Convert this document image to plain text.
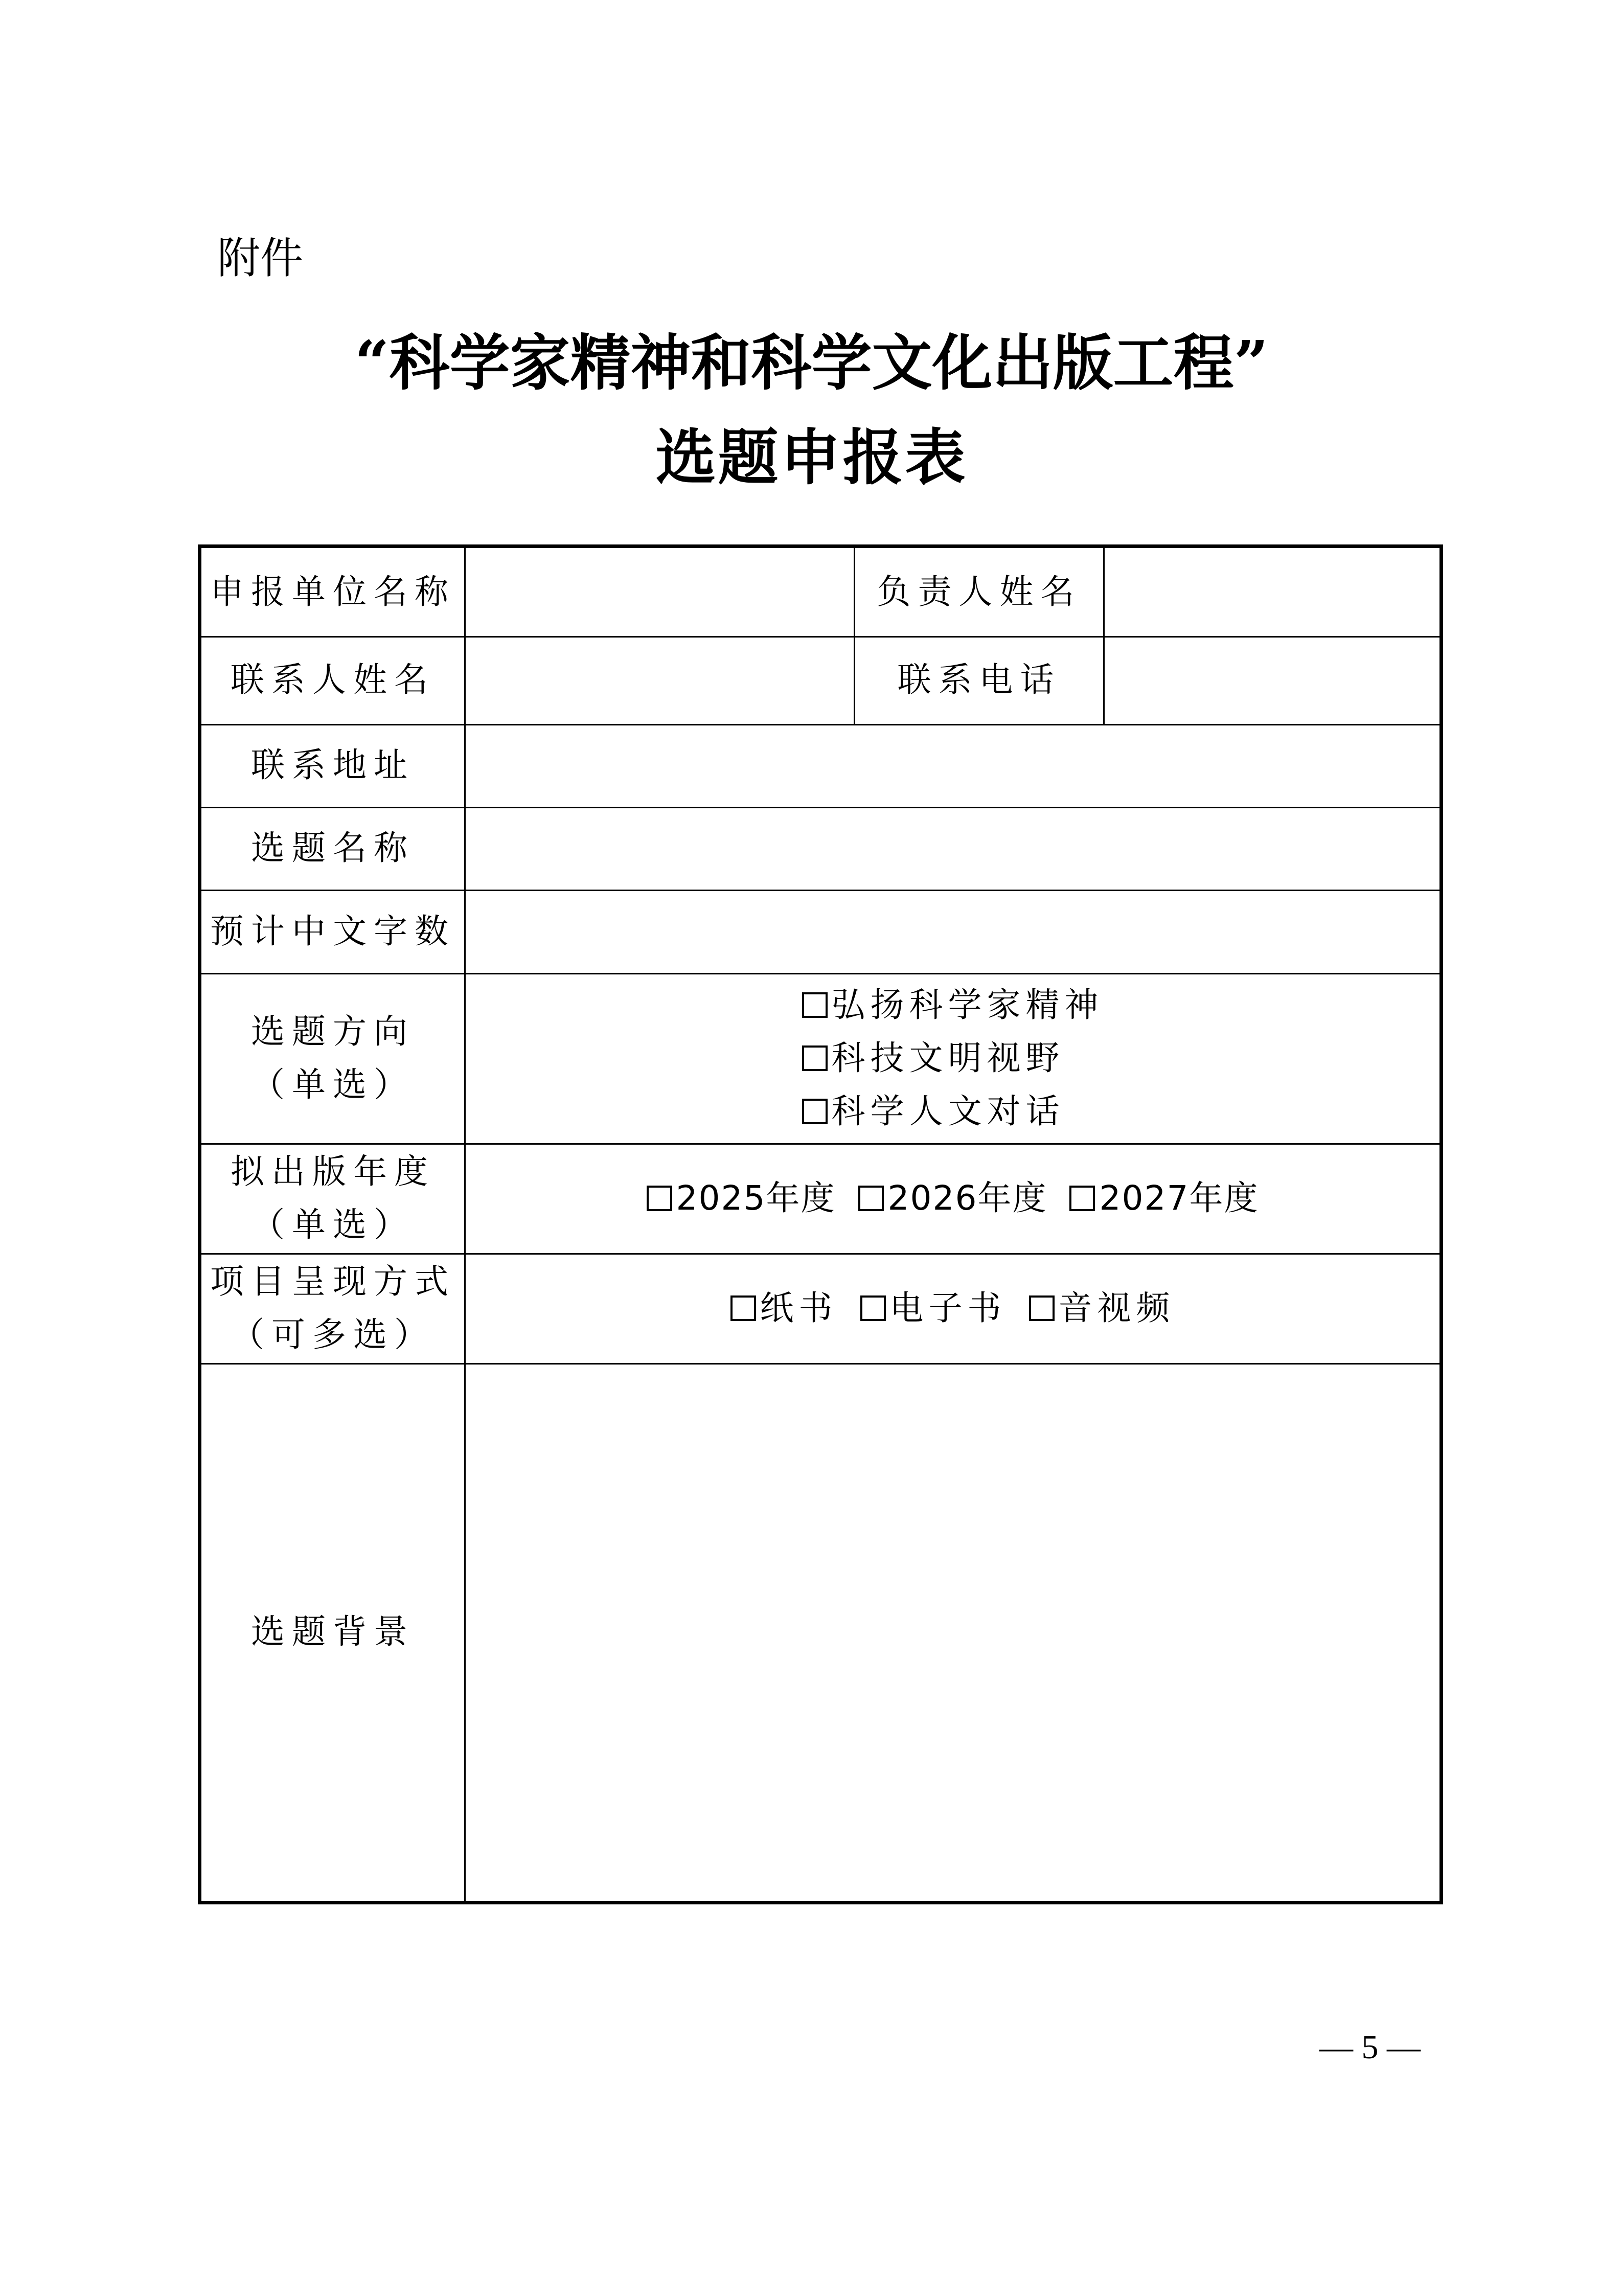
附件
“科学家精神和科学文化出版工程”
选题申报表
申报单位名称	负责人姓名
联系人姓名	联系电话
联系地址
选题名称
预计中文字数
选题方向
（单选）
弘扬科学家精神
科技文明视野
科学人文对话
拟出版年度
（单选）
2025年度 2026年度 2027年度
项目呈现方式
（可多选）
纸书 电子书 音视频
选题背景
— 5 —
